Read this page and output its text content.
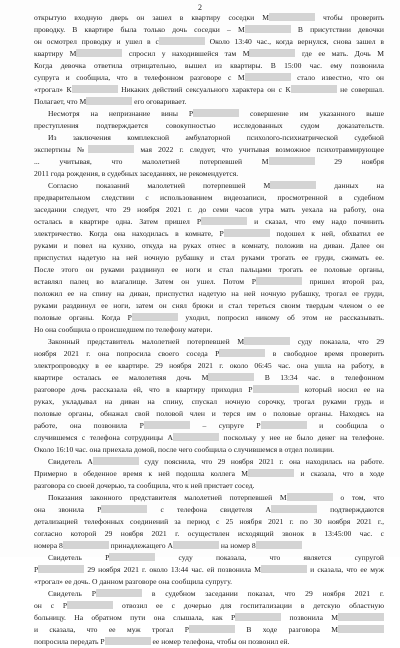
2
открытую входную дверь он зашел в квартиру соседки М	чтобы проверить
проводку. В квартире была только дочь соседки – М	В присутствии девочки
он осмотрел проводку и ушел в с	Около 13:40 час., когда вернулся, снова зашел в
квартиру М	спросил у находившейся там М	где ее мать. Дочь М
Когда девочка ответила отрицательно, вышел из квартиры. В 15:00 час. ему позвонила
супруга и сообщила, что в телефонном разговоре с М	стало известно, что он
«трогал» К	Никаких действий сексуального характера он с К	не совершал.
Полагает, что М	его оговаривает.
Несмотря на непризнание вины Р	совершение им указанного выше
преступления подтверждается совокупностью исследованных судом доказательств.
Из заключения комплексной амбулаторной психолого-психиатрической судебной
экспертизы №	мая 2022 г. следует, что учитывая возможное психотравмирующее
... учитывая, что малолетней потерпевшей М	29 ноября
2011 года рождения, в судебных заседаниях, не рекомендуется.
Согласно показаний малолетней потерпевшей М	данных на
предварительном следствии с использованием видеозаписи, просмотренной в судебном
заседании следует, что 29 ноября 2021 г. до семи часов утра мать уехала на работу, она
осталась в квартире одна. Затем пришел Р	и сказал, что ему надо починить
электричество. Когда она находилась в комнате, Р	подошел к ней, обхватил ее
руками и повел на кухню, откуда на руках отнес в комнату, положив на диван. Далее он
приспустил надетую на ней ночную рубашку и стал руками трогать ее груди, сжимать ее.
После этого он руками раздвинул ее ноги и стал пальцами трогать ее половые органы,
вставлял палец во влагалище. Затем он ушел. Потом Р	пришел второй раз,
положил ее на спину на диван, приспустил надетую на ней ночную рубашку, трогал ее груди,
руками раздвинул ее ноги, затем он снял брюки и стал тереться своим твердым членом о ее
половые органы. Когда Р	уходил, попросил никому об этом не рассказывать.
Но она сообщила о происшедшем по телефону матери.
Законный представитель малолетней потерпевшей М	суду показала, что 29
ноября 2021 г. она попросила своего соседа Р	в свободное время проверить
электропроводку в ее квартире. 29 ноября 2021 г. около 06:45 час. она ушла на работу, в
квартире осталась ее малолетняя дочь М	В 13:34 час. в телефонном
разговоре дочь рассказала ей, что в квартиру приходил Р	который носил ее на
руках, укладывал на диван на спину, спускал ночную сорочку, трогал руками грудь и
половые органы, обнажал свой половой член и терся им о половые органы. Находясь на
работе, она позвонила Р	– супруге Р	и сообщила о
случившемся с телефона сотрудницы А	поскольку у нее не было денег на телефоне.
Около 16:10 час. она приехала домой, после чего сообщила о случившемся в отдел полиции.
Свидетель А	суду пояснила, что 29 ноября 2021 г. она находилась на работе.
Примерно в обеденное время к ней подошла коллега М	и сказала, что в ходе
разговора со своей дочерью, та сообщила, что к ней пристает сосед.
Показания законного представителя малолетней потерпевшей М	о том, что
она звонила Р	с телефона свидетеля А	подтверждаются
детализацией телефонных соединений за период с 25 ноября 2021 г. по 30 ноября 2021 г.,
согласно которой 29 ноября 2021 г. осуществлен исходящий звонок в 13:45:00 час. с
номера 8	принадлежащего А	на номер 8
Свидетель Р	суду показала, что является супругой
Р	29 ноября 2021 г. около 13:44 час. ей позвонила М	и сказала, что ее муж
«трогал» ее дочь. О данном разговоре она сообщила супругу.
Свидетель Р	в судебном заседании показал, что 29 ноября 2021 г.
он с Р	отвозил ее с дочерью для госпитализации в детскую областную
больницу. На обратном пути она слышала, как Р	позвонила М
и сказала, что ее муж трогал Р	В ходе разговора М
попросила передать Р	ее номер телефона, чтобы он позвонил ей.
